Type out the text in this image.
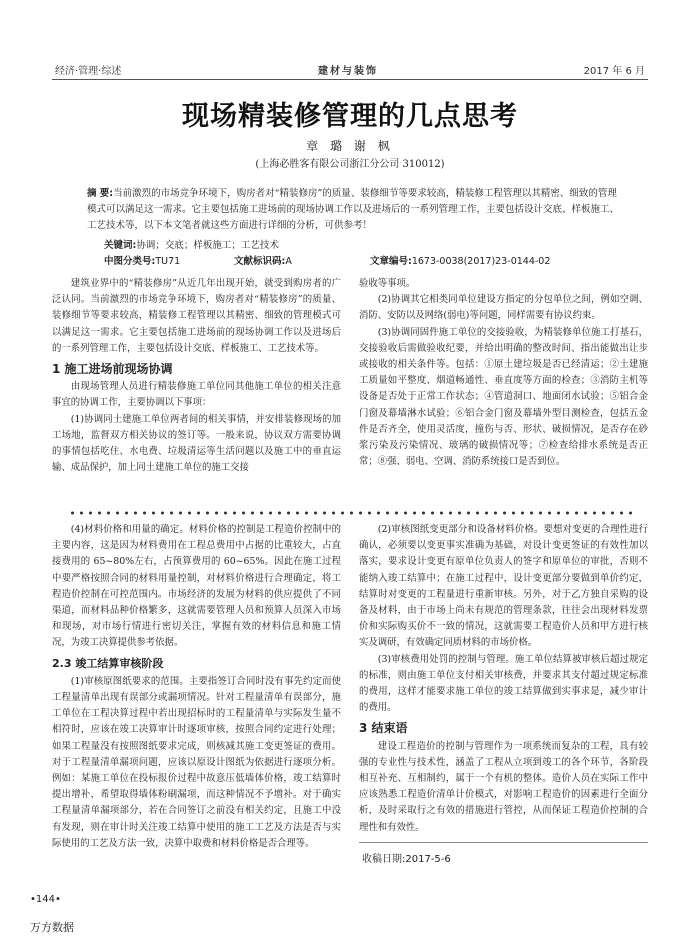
经济·管理·综述	建材与装饰	2017 年 6 月
现场精装修管理的几点思考
章 璐 谢 枫
(上海必胜客有限公司浙江分公司 310012)
摘 要:当前激烈的市场竞争环境下，购房者对“精装修房”的质量、装修细节等要求较高，精装修工程管理以其精密、细致的管理模式可以满足这一需求。它主要包括施工进场前的现场协调工作以及进场后的一系列管理工作，主要包括设计交底、样板施工、工艺技术等，以下本文笔者就这些方面进行详细的分析，可供参考！
关键词:协调；交底；样板施工；工艺技术
中图分类号:TU71	文献标识码:A	文章编号:1673-0038(2017)23-0144-02

建筑业界中的“精装修房”从近几年出现开始，就受到购房者的广泛认同。当前激烈的市场竞争环境下，购房者对“精装修房”的质量、装修细节等要求较高，精装修工程管理以其精密、细致的管理模式可以满足这一需求。它主要包括施工进场前的现场协调工作以及进场后的一系列管理工作，主要包括设计交底、样板施工、工艺技术等。

1 施工进场前现场协调

由现场管理人员进行精装修施工单位同其他施工单位的相关注意事宜的协调工作，主要协调以下事项：

(1)协调同土建施工单位两者间的相关事情，并安排装修现场的加工场地，监督双方相关协议的签订等。一般来说，协议双方需要协调的事情包括吃住、水电费、垃圾清运等生活问题以及施工中的垂直运输、成品保护，加上同土建施工单位的施工交接

验收等事项。

(2)协调其它相类同单位建设方指定的分包单位之间，例如空调、消防、安防以及网络(弱电)等问题，同样需要有协议约束。

(3)协调同固件施工单位的交接验收，为精装修单位施工打基石，交接验收后需做验收纪要，并给出明确的整改时间、指出能做出让步或接收的相关条件等。包括：①原土建垃圾是否已经清运；②土建施工质量如平整度、烟道畅通性、垂直度等方面的检查；③消防主机等设备是否处于正常工作状态；④管道洞口、地面闭水试验；⑤铝合金门窗及幕墙淋水试验；⑥铝合金门窗及幕墙外型目测检查，包括五金件是否齐全，使用灵活度，撞伤与否、形状、破损情况，是否存在砂浆污染及污染情况、玻璃的破损情况等；⑦检查给排水系统是否正常；⑧强、弱电、空调、消防系统接口是否到位。

(4)材料价格和用量的确定。材料价格的控制是工程造价控制中的主要内容，这是因为材料费用在工程总费用中占据的比重较大，占直接费用的 65~80%左右，占预算费用的 60~65%。因此在施工过程中要严格按照合同的材料用量控制，对材料价格进行合理确定，将工程造价控制在可控范围内。市场经济的发展为材料的供应提供了不同渠道，而材料品种价格繁多，这就需要管理人员和预算人员深入市场和现场，对市场行情进行密切关注，掌握有效的材料信息和施工情况，为竣工决算提供参考依据。

2.3 竣工结算审核阶段

(1)审核原图纸要求的范围。主要指签订合同时没有事先约定而使工程量清单出现有误部分或漏项情况。针对工程量清单有误部分，施工单位在工程决算过程中若出现招标时的工程量清单与实际发生量不相符时，应该在竣工决算审计时逐项审核，按照合同约定进行处理；如果工程量没有按照图纸要求完成，则核减其施工变更签证的费用。对于工程量清单漏项问题，应该以原设计图纸为依据进行逐项分析。例如：某施工单位在投标报价过程中故意压低墙体价格，竣工结算时提出增补，希望取得墙体粉刷漏项，而这种情况不予增补。对于确实工程量清单漏项部分，若在合同签订之前没有相关约定，且施工中没有发现，则在审计时关注竣工结算中使用的施工工艺及方法是否与实际使用的工艺及方法一致，决算中取费和材料价格是否合理等。

(2)审核图纸变更部分和设备材料价格。要想对变更的合理性进行确认，必须要以变更事实准确为基础，对设计变更签证的有效性加以落实，要求设计变更有原单位负责人的签字和原单位的审批，否则不能纳入竣工结算中；在施工过程中，设计变更部分要做到单价约定，结算时对变更的工程量进行重新审核。另外，对于乙方独自采购的设备及材料，由于市场上尚未有规范的管理条款，往往会出现材料发票价和实际购买价不一致的情况，这就需要工程造价人员和甲方进行核实及调研，有效确定同质材料的市场价格。

(3)审核费用处罚的控制与管理。施工单位结算被审核后超过规定的标准，则由施工单位支付相关审核费，并要求其支付超过规定标准的费用，这样才能要求施工单位的竣工结算做到实事求是，减少审计的费用。

3 结束语

建设工程造价的控制与管理作为一项系统而复杂的工程，具有较强的专业性与技术性，涵盖了工程从立项到竣工的各个环节，各阶段相互补充、互相制约，属于一个有机的整体。造价人员在实际工作中应该熟悉工程造价清单计价模式，对影响工程造价的因素进行全面分析，及时采取行之有效的措施进行管控，从而保证工程造价控制的合理性和有效性。

收稿日期:2017-5-6
•144•
万方数据
